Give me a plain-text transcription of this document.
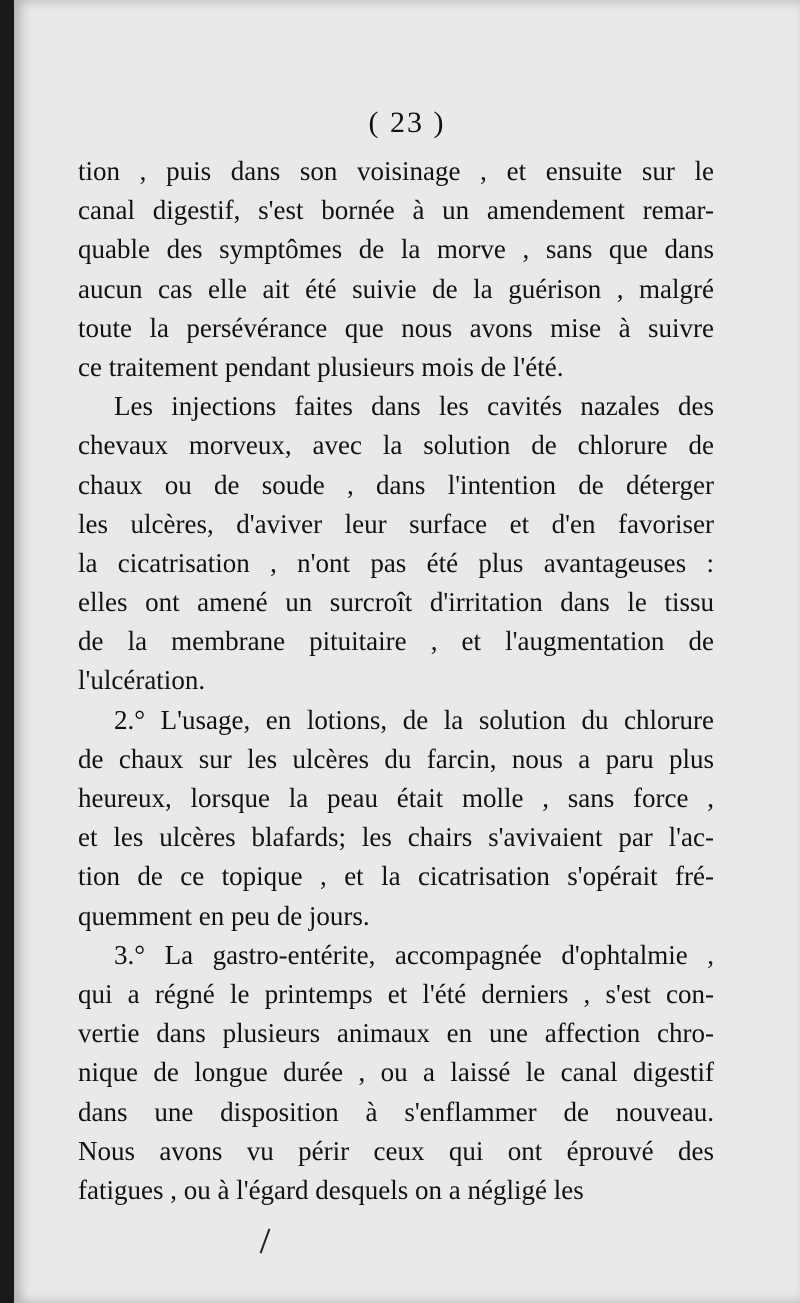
( 23 )
tion , puis dans son voisinage , et ensuite sur le
canal digestif, s'est bornée à un amendement remar-
quable des symptômes de la morve , sans que dans
aucun cas elle ait été suivie de la guérison , malgré
toute la persévérance que nous avons mise à suivre
ce traitement pendant plusieurs mois de l'été.
Les injections faites dans les cavités nazales des
chevaux morveux, avec la solution de chlorure de
chaux ou de soude , dans l'intention de déterger
les ulcères, d'aviver leur surface et d'en favoriser
la cicatrisation , n'ont pas été plus avantageuses :
elles ont amené un surcroît d'irritation dans le tissu
de la membrane pituitaire , et l'augmentation de
l'ulcération.
2.° L'usage, en lotions, de la solution du chlorure
de chaux sur les ulcères du farcin, nous a paru plus
heureux, lorsque la peau était molle , sans force ,
et les ulcères blafards; les chairs s'avivaient par l'ac-
tion de ce topique , et la cicatrisation s'opérait fré-
quemment en peu de jours.
3.° La gastro-entérite, accompagnée d'ophtalmie ,
qui a régné le printemps et l'été derniers , s'est con-
vertie dans plusieurs animaux en une affection chro-
nique de longue durée , ou a laissé le canal digestif
dans une disposition à s'enflammer de nouveau.
Nous avons vu périr ceux qui ont éprouvé des
fatigues , ou à l'égard desquels on a négligé les
